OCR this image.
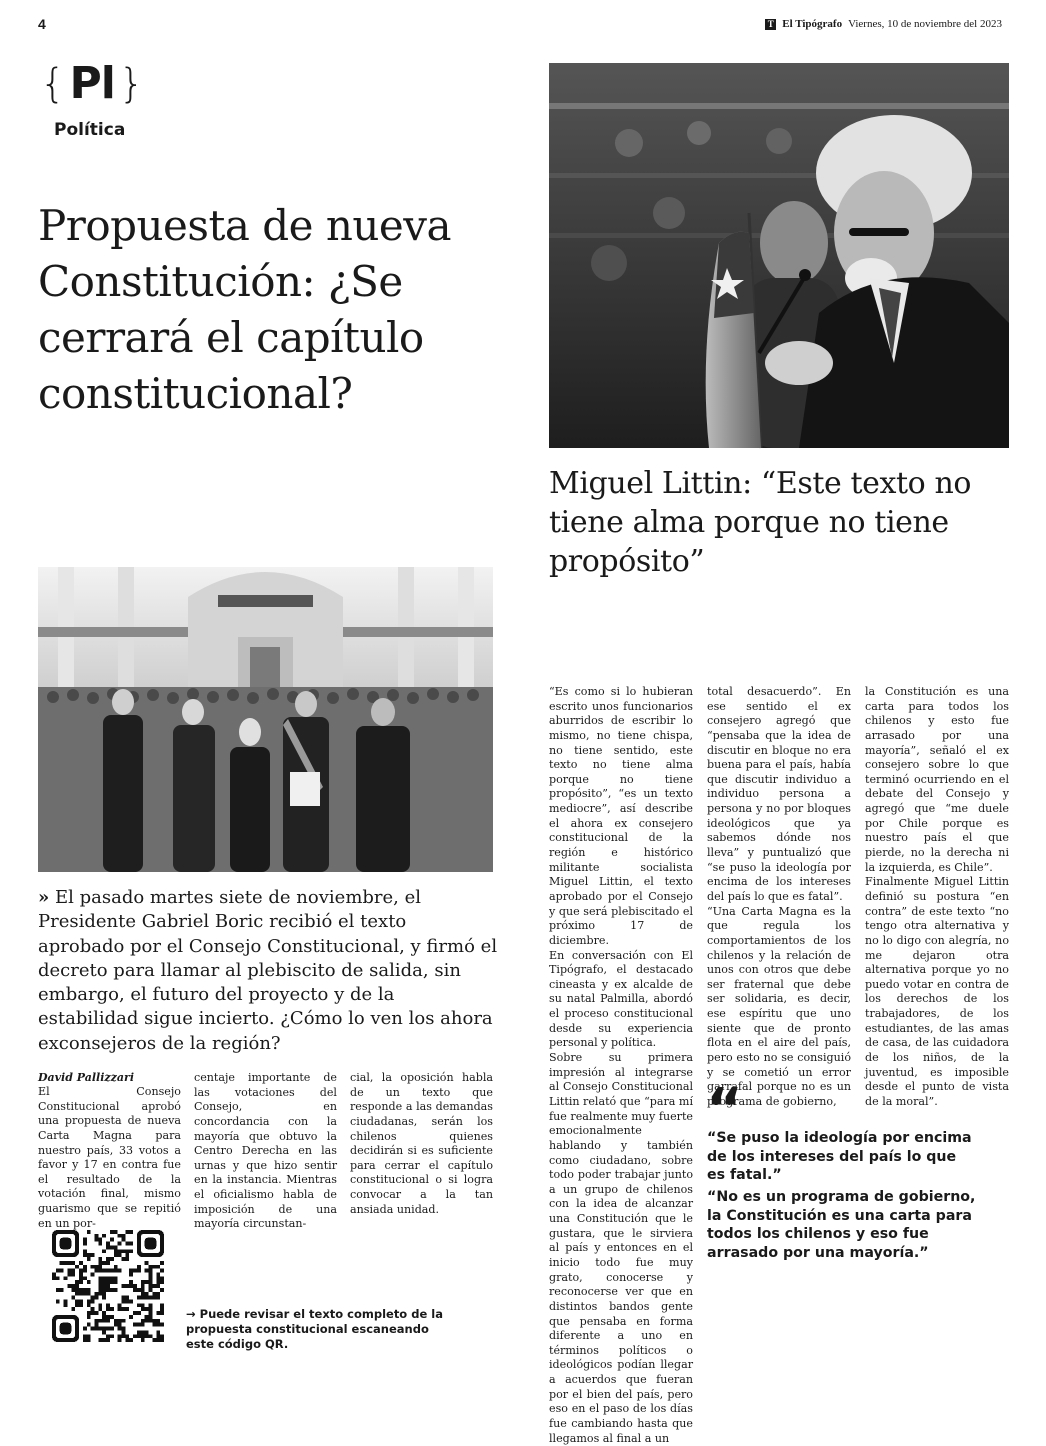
4	T El Tipógrafo Viernes, 10 de noviembre del 2023
{ Pl }
Política
Propuesta de nueva Constitución: ¿Se cerrará el capítulo constitucional?
Miguel Littin: “Este texto no tiene alma porque no tiene propósito”

» El pasado martes siete de noviembre, el Presidente Gabriel Boric recibió el texto aprobado por el Consejo Constitucional, y firmó el decreto para llamar al plebiscito de salida, sin embargo, el futuro del proyecto y de la estabilidad sigue incierto. ¿Cómo lo ven los ahora exconsejeros de la región?

David Pallizzari

El Consejo Constitucional aprobó una propuesta de nueva Carta Magna para nuestro país, 33 votos a favor y 17 en contra fue el resultado de la votación final, mismo guarismo que se repitió en un por-

centaje importante de las votaciones del Consejo, en concordancia con la mayoría que obtuvo la Centro Derecha en las urnas y que hizo sentir en la instancia. Mientras el oficialismo habla de imposición de una mayoría circunstan-

cial, la oposición habla de un texto que responde a las demandas ciudadanas, serán los chilenos quienes decidirán si es suficiente para cerrar el capítulo constitucional o si logra convocar a la tan ansiada unidad.

“Es como si lo hubieran escrito unos funcionarios aburridos de escribir lo mismo, no tiene chispa, no tiene sentido, este texto no tiene alma porque no tiene propósito”, “es un texto mediocre”, así describe el ahora ex consejero constitucional de la región e histórico militante socialista Miguel Littin, el texto aprobado por el Consejo y que será plebiscitado el próximo 17 de diciembre.

En conversación con El Tipógrafo, el destacado cineasta y ex alcalde de su natal Palmilla, abordó el proceso constitucional desde su experiencia personal y política.

Sobre su primera impresión al integrarse al Consejo Constitucional Littin relató que “para mí fue realmente muy fuerte emocionalmente hablando y también como ciudadano, sobre todo poder trabajar junto a un grupo de chilenos con la idea de alcanzar una Constitución que le gustara, que le sirviera al país y entonces en el inicio todo fue muy grato, conocerse y reconocerse ver que en distintos bandos gente que pensaba en forma diferente a uno en términos políticos o ideológicos podían llegar a acuerdos que fueran por el bien del país, pero eso en el paso de los días fue cambiando hasta que llegamos al final a un

total desacuerdo”. En ese sentido el ex consejero agregó que “pensaba que la idea de discutir en bloque no era buena para el país, había que discutir individuo a individuo persona a persona y no por bloques ideológicos que ya sabemos dónde nos lleva” y puntualizó que “se puso la ideología por encima de los intereses del país lo que es fatal”.

“Una Carta Magna es la que regula los comportamientos de los chilenos y la relación de unos con otros que debe ser fraternal que debe ser solidaria, es decir, ese espíritu que uno siente que de pronto flota en el aire del país, pero esto no se consiguió y se cometió un error garrafal porque no es un programa de gobierno,

la Constitución es una carta para todos los chilenos y esto fue arrasado por una mayoría”, señaló el ex consejero sobre lo que terminó ocurriendo en el debate del Consejo y agregó que “me duele por Chile porque es nuestro país el que pierde, no la derecha ni la izquierda, es Chile”.

Finalmente Miguel Littin definió su postura “en contra” de este texto “no tengo otra alternativa y no lo digo con alegría, no me dejaron otra alternativa porque yo no puedo votar en contra de los derechos de los trabajadores, de los estudiantes, de las amas de casa, de las cuidadora de los niños, de la juventud, es imposible desde el punto de vista de la moral”.

“

“Se puso la ideología por encima de los intereses del país lo que es fatal.”

“No es un programa de gobierno, la Constitución es una carta para todos los chilenos y eso fue arrasado por una mayoría.”

→ Puede revisar el texto completo de la propuesta constitucional escaneando este código QR.
